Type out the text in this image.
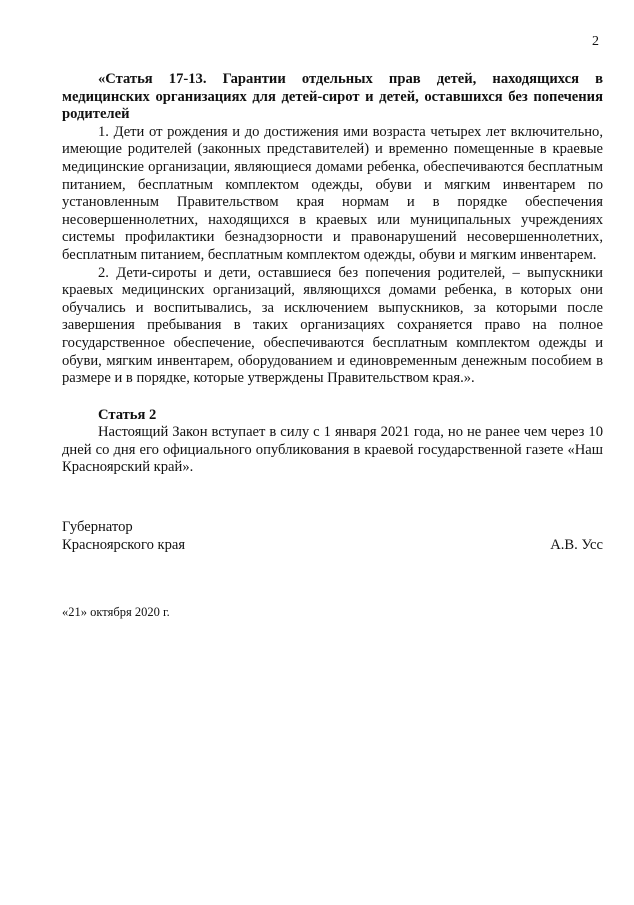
2

«Статья 17-13. Гарантии отдельных прав детей, находящихся в медицинских организациях для детей-сирот и детей, оставшихся без попечения родителей

1. Дети от рождения и до достижения ими возраста четырех лет включительно, имеющие родителей (законных представителей) и временно помещенные в краевые медицинские организации, являющиеся домами ребенка, обеспечиваются бесплатным питанием, бесплатным комплектом одежды, обуви и мягким инвентарем по установленным Правительством края нормам и в порядке обеспечения несовершеннолетних, находящихся в краевых или муниципальных учреждениях системы профилактики безнадзорности и правонарушений несовершеннолетних, бесплатным питанием, бесплатным комплектом одежды, обуви и мягким инвентарем.

2. Дети-сироты и дети, оставшиеся без попечения родителей, – выпускники краевых медицинских организаций, являющихся домами ребенка, в которых они обучались и воспитывались, за исключением выпускников, за которыми после завершения пребывания в таких организациях сохраняется право на полное государственное обеспечение, обеспечиваются бесплатным комплектом одежды и обуви, мягким инвентарем, оборудованием и единовременным денежным пособием в размере и в порядке, которые утверждены Правительством края.».

Статья 2

Настоящий Закон вступает в силу с 1 января 2021 года, но не ранее чем через 10 дней со дня его официального опубликования в краевой государственной газете «Наш Красноярский край».

Губернатор
Красноярского края	А.В. Усс
«21» октября 2020 г.
